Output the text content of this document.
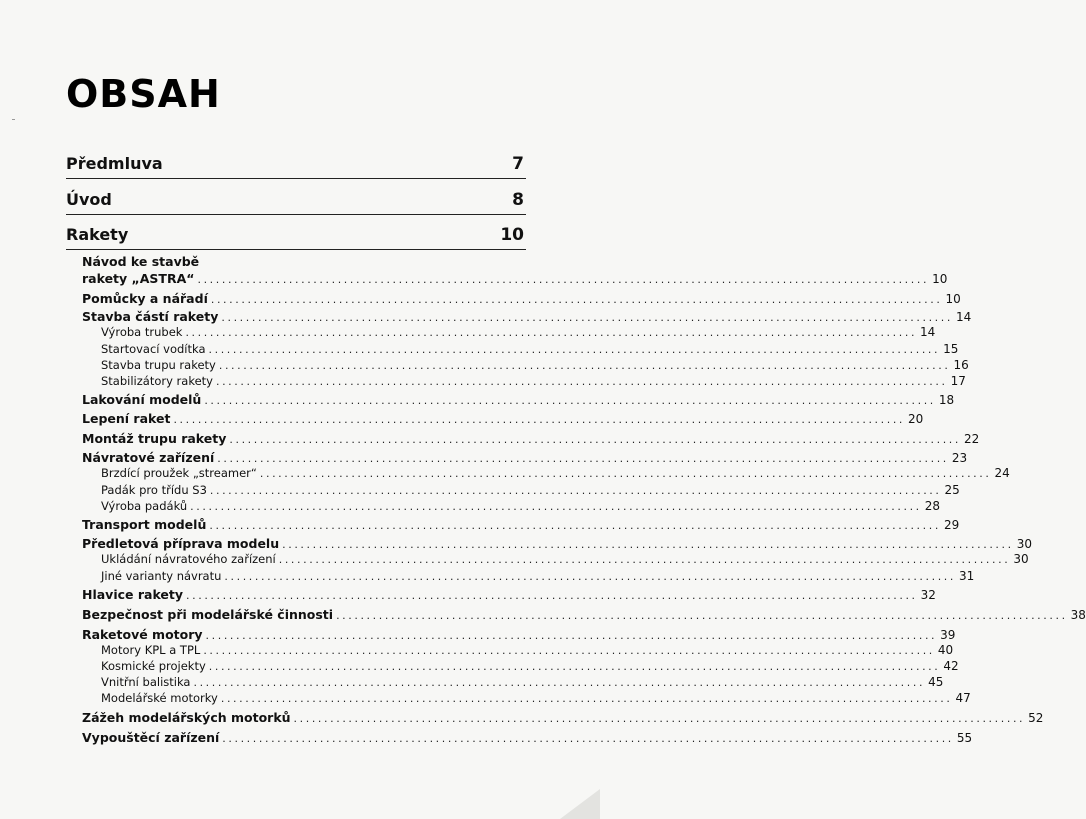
OBSAH
Předmluva	7
Úvod	8
Rakety	10
Návod ke stavbě
rakety „ASTRA“ ........................................................................................................................ 10
Pomůcky a nářadí ........................................................................................................................ 10
Stavba částí rakety ........................................................................................................................ 14
Výroba trubek ........................................................................................................................ 14
Startovací vodítka ........................................................................................................................ 15
Stavba trupu rakety ........................................................................................................................ 16
Stabilizátory rakety ........................................................................................................................ 17
Lakování modelů ........................................................................................................................ 18
Lepení raket ........................................................................................................................ 20
Montáž trupu rakety ........................................................................................................................ 22
Návratové zařízení ........................................................................................................................ 23
Brzdící proužek „streamer“ ........................................................................................................................ 24
Padák pro třídu S3 ........................................................................................................................ 25
Výroba padáků ........................................................................................................................ 28
Transport modelů ........................................................................................................................ 29
Předletová příprava modelu ........................................................................................................................ 30
Ukládání návratového zařízení ........................................................................................................................ 30
Jiné varianty návratu ........................................................................................................................ 31
Hlavice rakety ........................................................................................................................ 32
Bezpečnost při modelářské činnosti ........................................................................................................................ 38
Raketové motory ........................................................................................................................ 39
Motory KPL a TPL ........................................................................................................................ 40
Kosmické projekty ........................................................................................................................ 42
Vnitřní balistika ........................................................................................................................ 45
Modelářské motorky ........................................................................................................................ 47
Zážeh modelářských motorků ........................................................................................................................ 52
Vypouštěcí zařízení ........................................................................................................................ 55
